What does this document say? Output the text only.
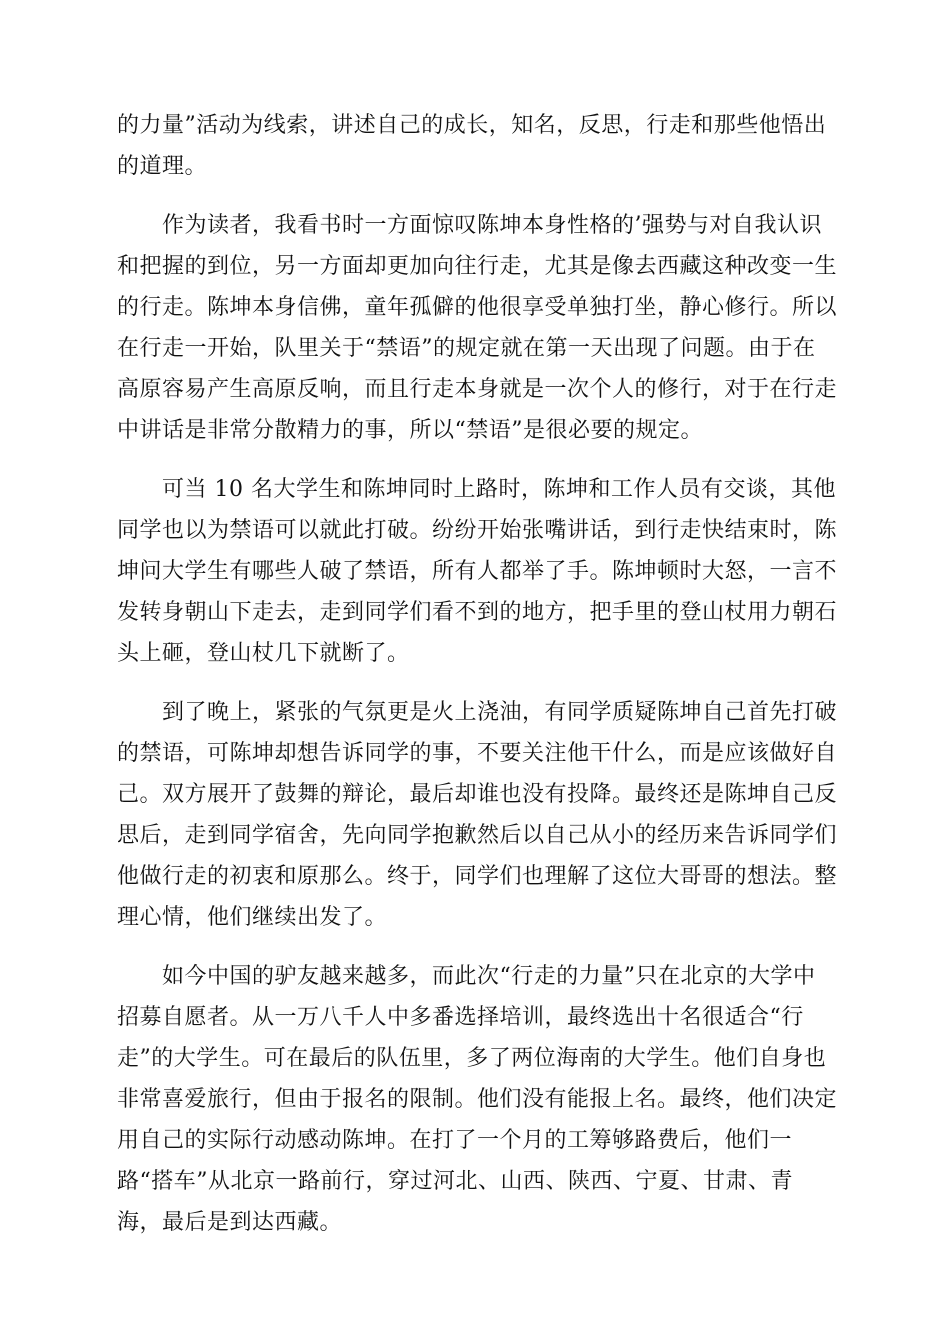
的力量”活动为线索，讲述自己的成长，知名，反思，行走和那些他悟出
的道理。

作为读者，我看书时一方面惊叹陈坤本身性格的’强势与对自我认识
和把握的到位，另一方面却更加向往行走，尤其是像去西藏这种改变一生
的行走。陈坤本身信佛，童年孤僻的他很享受单独打坐，静心修行。所以
在行走一开始，队里关于“禁语”的规定就在第一天出现了问题。由于在
高原容易产生高原反响，而且行走本身就是一次个人的修行，对于在行走
中讲话是非常分散精力的事，所以“禁语”是很必要的规定。

可当 10 名大学生和陈坤同时上路时，陈坤和工作人员有交谈，其他
同学也以为禁语可以就此打破。纷纷开始张嘴讲话，到行走快结束时，陈
坤问大学生有哪些人破了禁语，所有人都举了手。陈坤顿时大怒，一言不
发转身朝山下走去，走到同学们看不到的地方，把手里的登山杖用力朝石
头上砸，登山杖几下就断了。

到了晚上，紧张的气氛更是火上浇油，有同学质疑陈坤自己首先打破
的禁语，可陈坤却想告诉同学的事，不要关注他干什么，而是应该做好自
己。双方展开了鼓舞的辩论，最后却谁也没有投降。最终还是陈坤自己反
思后，走到同学宿舍，先向同学抱歉然后以自己从小的经历来告诉同学们
他做行走的初衷和原那么。终于，同学们也理解了这位大哥哥的想法。整
理心情，他们继续出发了。

如今中国的驴友越来越多，而此次“行走的力量”只在北京的大学中
招募自愿者。从一万八千人中多番选择培训，最终选出十名很适合“行
走”的大学生。可在最后的队伍里，多了两位海南的大学生。他们自身也
非常喜爱旅行，但由于报名的限制。他们没有能报上名。最终，他们决定
用自己的实际行动感动陈坤。在打了一个月的工筹够路费后，他们一
路“搭车”从北京一路前行，穿过河北、山西、陕西、宁夏、甘肃、青
海，最后是到达西藏。
